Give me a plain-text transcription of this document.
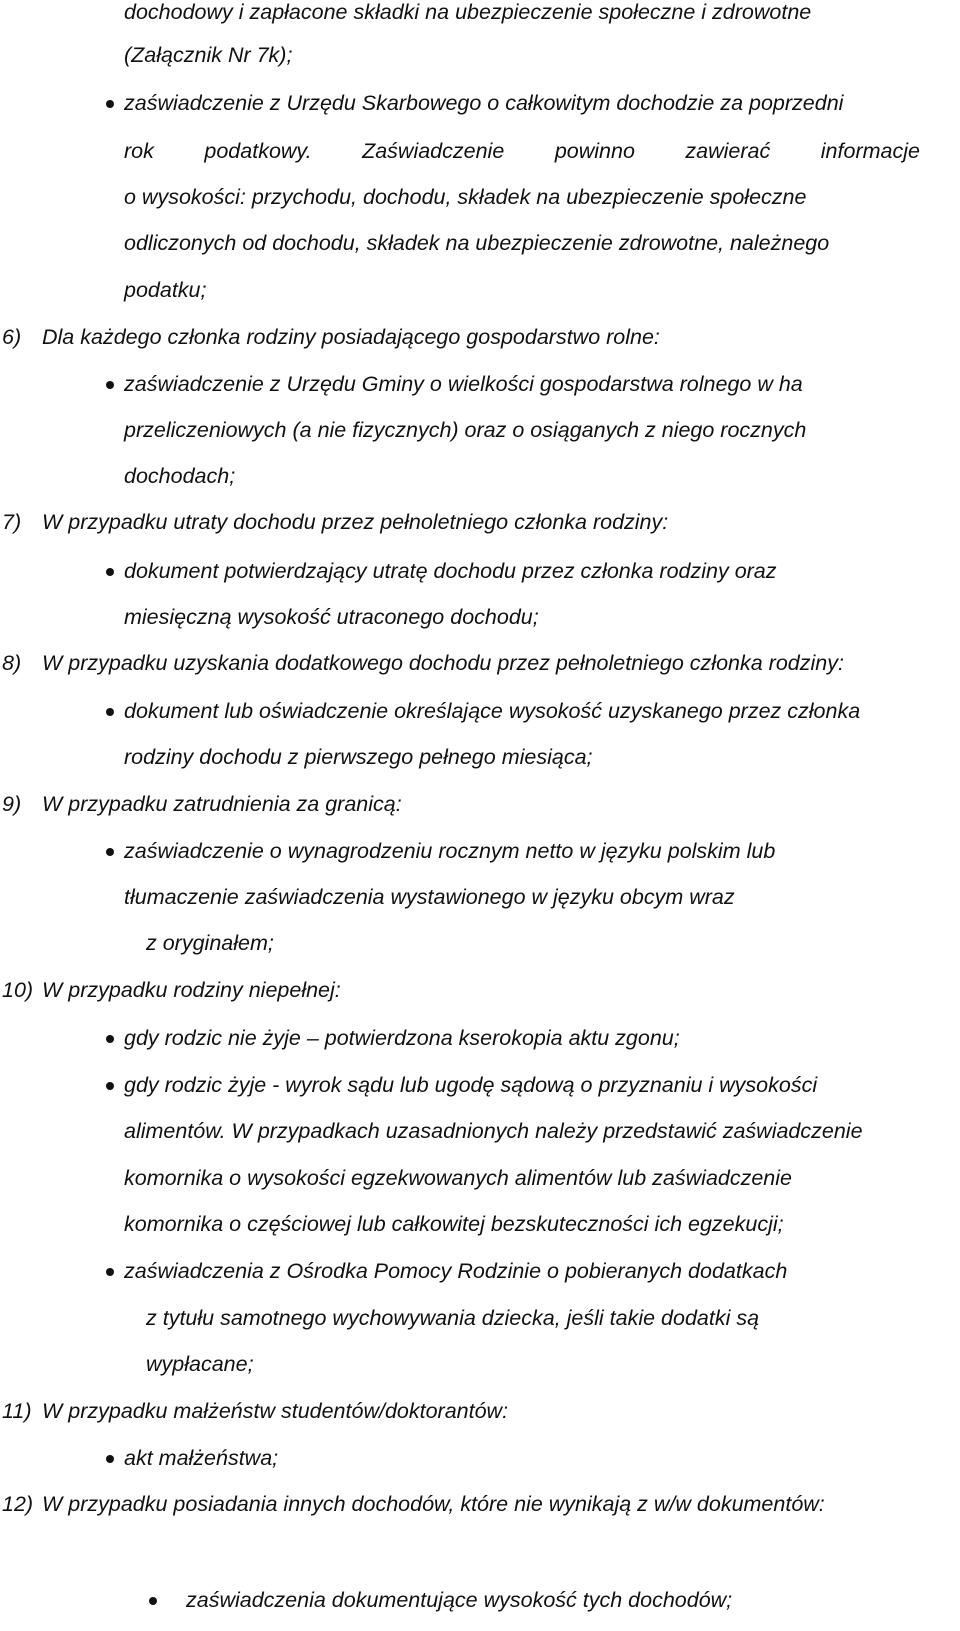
dochodowy i zapłacone składki na ubezpieczenie społeczne i zdrowotne
(Załącznik Nr 7k);
zaświadczenie z Urzędu Skarbowego o całkowitym dochodzie za poprzedni
rok podatkowy. Zaświadczenie powinno zawierać informacje
o wysokości: przychodu, dochodu, składek na ubezpieczenie społeczne
odliczonych od dochodu, składek na ubezpieczenie zdrowotne, należnego
podatku;
6) Dla każdego członka rodziny posiadającego gospodarstwo rolne:
zaświadczenie z Urzędu Gminy o wielkości gospodarstwa rolnego w ha
przeliczeniowych (a nie fizycznych) oraz o osiąganych z niego rocznych
dochodach;
7) W przypadku utraty dochodu przez pełnoletniego członka rodziny:
dokument potwierdzający utratę dochodu przez członka rodziny oraz
miesięczną wysokość utraconego dochodu;
8) W przypadku uzyskania dodatkowego dochodu przez pełnoletniego członka rodziny:
dokument lub oświadczenie określające wysokość uzyskanego przez członka
rodziny dochodu z pierwszego pełnego miesiąca;
9) W przypadku zatrudnienia za granicą:
zaświadczenie o wynagrodzeniu rocznym netto w języku polskim lub
tłumaczenie zaświadczenia wystawionego w języku obcym wraz
z oryginałem;
10) W przypadku rodziny niepełnej:
gdy rodzic nie żyje – potwierdzona kserokopia aktu zgonu;
gdy rodzic żyje - wyrok sądu lub ugodę sądową o przyznaniu i wysokości
alimentów. W przypadkach uzasadnionych należy przedstawić zaświadczenie
komornika o wysokości egzekwowanych alimentów lub zaświadczenie
komornika o częściowej lub całkowitej bezskuteczności ich egzekucji;
zaświadczenia z Ośrodka Pomocy Rodzinie o pobieranych dodatkach
z tytułu samotnego wychowywania dziecka, jeśli takie dodatki są
wypłacane;
11) W przypadku małżeństw studentów/doktorantów:
akt małżeństwa;
12) W przypadku posiadania innych dochodów, które nie wynikają z w/w dokumentów:
zaświadczenia dokumentujące wysokość tych dochodów;
